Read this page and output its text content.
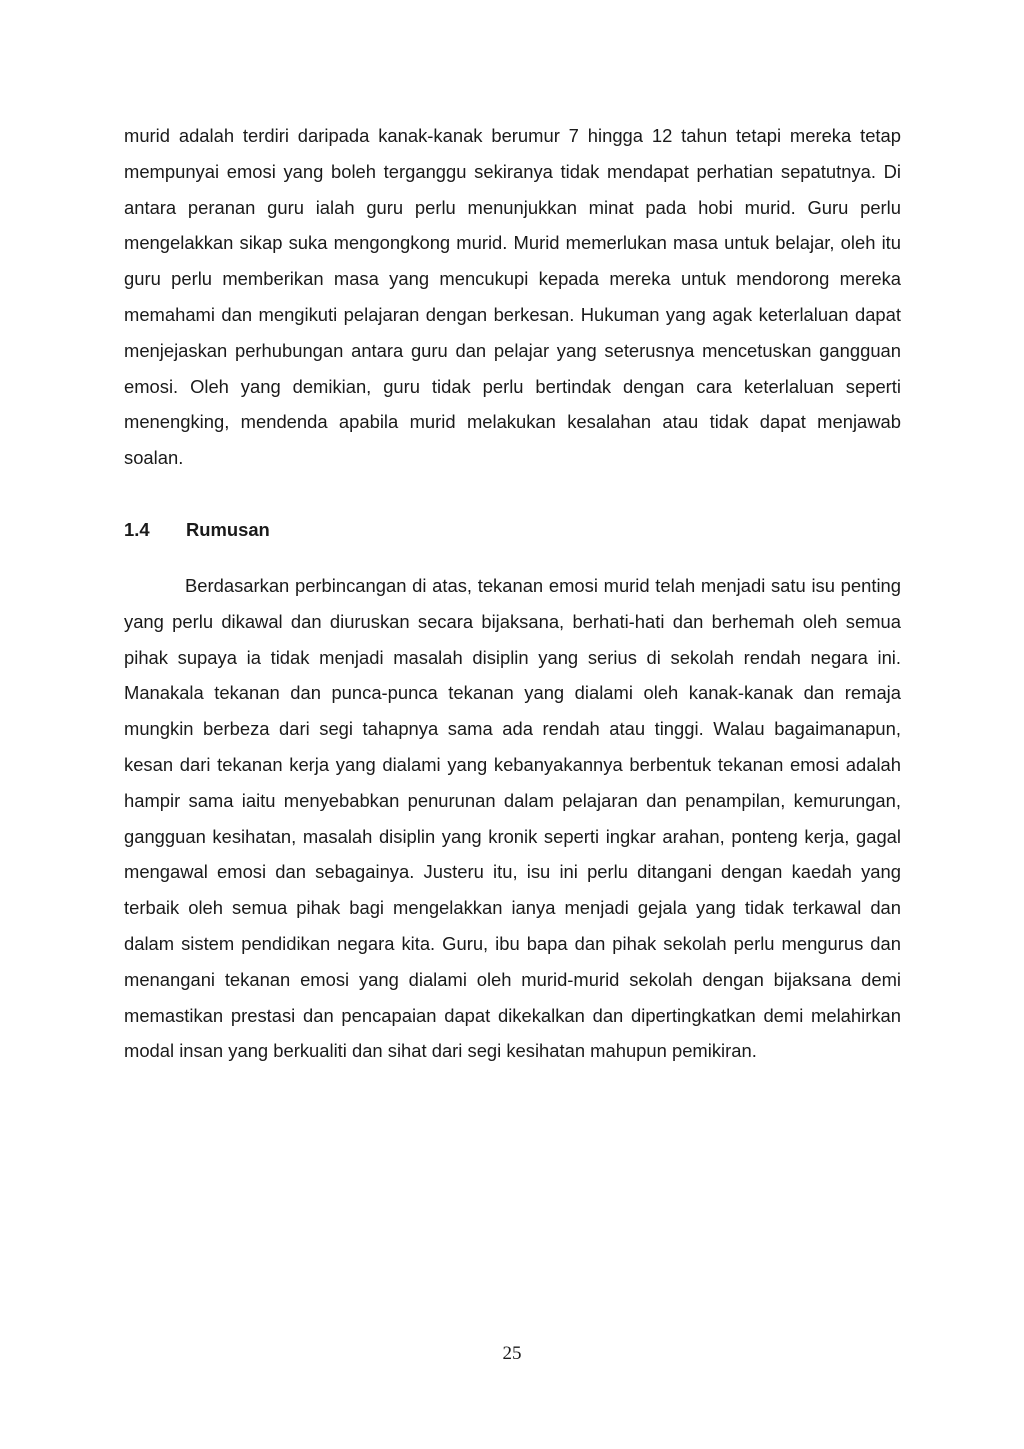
murid adalah terdiri daripada kanak-kanak berumur 7 hingga 12 tahun tetapi mereka tetap mempunyai emosi yang boleh terganggu sekiranya tidak mendapat perhatian sepatutnya. Di antara peranan guru ialah guru perlu menunjukkan minat pada hobi murid. Guru perlu mengelakkan sikap suka mengongkong murid. Murid memerlukan masa untuk belajar, oleh itu guru perlu memberikan masa yang mencukupi kepada mereka untuk mendorong mereka memahami dan mengikuti pelajaran dengan berkesan. Hukuman yang agak keterlaluan dapat menjejaskan perhubungan antara guru dan pelajar yang seterusnya mencetuskan gangguan emosi. Oleh yang demikian, guru tidak perlu bertindak dengan cara keterlaluan seperti menengking, mendenda apabila murid melakukan kesalahan atau tidak dapat menjawab soalan.

1.4 Rumusan

Berdasarkan perbincangan di atas, tekanan emosi murid telah menjadi satu isu penting yang perlu dikawal dan diuruskan secara bijaksana, berhati-hati dan berhemah oleh semua pihak supaya ia tidak menjadi masalah disiplin yang serius di sekolah rendah negara ini. Manakala tekanan dan punca-punca tekanan yang dialami oleh kanak-kanak dan remaja mungkin berbeza dari segi tahapnya sama ada rendah atau tinggi. Walau bagaimanapun, kesan dari tekanan kerja yang dialami yang kebanyakannya berbentuk tekanan emosi adalah hampir sama iaitu menyebabkan penurunan dalam pelajaran dan penampilan, kemurungan, gangguan kesihatan, masalah disiplin yang kronik seperti ingkar arahan, ponteng kerja, gagal mengawal emosi dan sebagainya. Justeru itu, isu ini perlu ditangani dengan kaedah yang terbaik oleh semua pihak bagi mengelakkan ianya menjadi gejala yang tidak terkawal dan dalam sistem pendidikan negara kita. Guru, ibu bapa dan pihak sekolah perlu mengurus dan menangani tekanan emosi yang dialami oleh murid-murid sekolah dengan bijaksana demi memastikan prestasi dan pencapaian dapat dikekalkan dan dipertingkatkan demi melahirkan modal insan yang berkualiti dan sihat dari segi kesihatan mahupun pemikiran.

25
